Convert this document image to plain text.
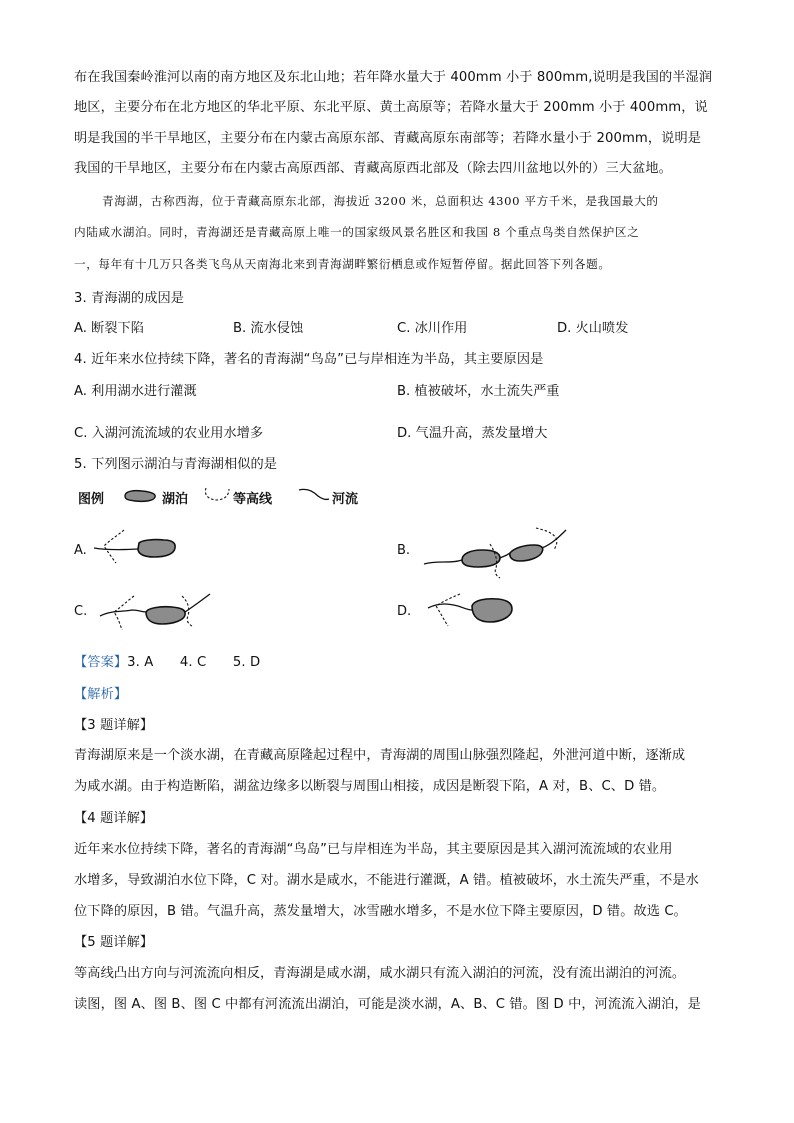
布在我国秦岭淮河以南的南方地区及东北山地；若年降水量大于 400mm 小于 800mm,说明是我国的半湿润
地区，主要分布在北方地区的华北平原、东北平原、黄土高原等；若降水量大于 200mm 小于 400mm，说
明是我国的半干旱地区，主要分布在内蒙古高原东部、青藏高原东南部等；若降水量小于 200mm，说明是
我国的干旱地区，主要分布在内蒙古高原西部、青藏高原西北部及（除去四川盆地以外的）三大盆地。
青海湖，古称西海，位于青藏高原东北部，海拔近 3200 米，总面积达 4300 平方千米，是我国最大的
内陆咸水湖泊。同时，青海湖还是青藏高原上唯一的国家级风景名胜区和我国 8 个重点鸟类自然保护区之
一，每年有十几万只各类飞鸟从天南海北来到青海湖畔繁衍栖息或作短暂停留。据此回答下列各题。
3. 青海湖的成因是
A. 断裂下陷	B. 流水侵蚀	C. 冰川作用	D. 火山喷发
4. 近年来水位持续下降，著名的青海湖“鸟岛”已与岸相连为半岛，其主要原因是
A. 利用湖水进行灌溉	B. 植被破坏，水土流失严重
C. 入湖河流流域的农业用水增多	D. 气温升高，蒸发量增大
5. 下列图示湖泊与青海湖相似的是
图例	湖泊	等高线	河流
A.	B.
C.	D.
【答案】3. A　　4. C　　5. D
【解析】
【3 题详解】
青海湖原来是一个淡水湖，在青藏高原隆起过程中，青海湖的周围山脉强烈隆起，外泄河道中断，逐渐成
为咸水湖。由于构造断陷，湖盆边缘多以断裂与周围山相接，成因是断裂下陷，A 对，B、C、D 错。
【4 题详解】
近年来水位持续下降，著名的青海湖“鸟岛”已与岸相连为半岛，其主要原因是其入湖河流流域的农业用
水增多，导致湖泊水位下降，C 对。湖水是咸水，不能进行灌溉，A 错。植被破坏，水土流失严重，不是水
位下降的原因，B 错。气温升高，蒸发量增大，冰雪融水增多，不是水位下降主要原因，D 错。故选 C。
【5 题详解】
等高线凸出方向与河流流向相反，青海湖是咸水湖，咸水湖只有流入湖泊的河流，没有流出湖泊的河流。
读图，图 A、图 B、图 C 中都有河流流出湖泊，可能是淡水湖，A、B、C 错。图 D 中，河流流入湖泊，是
